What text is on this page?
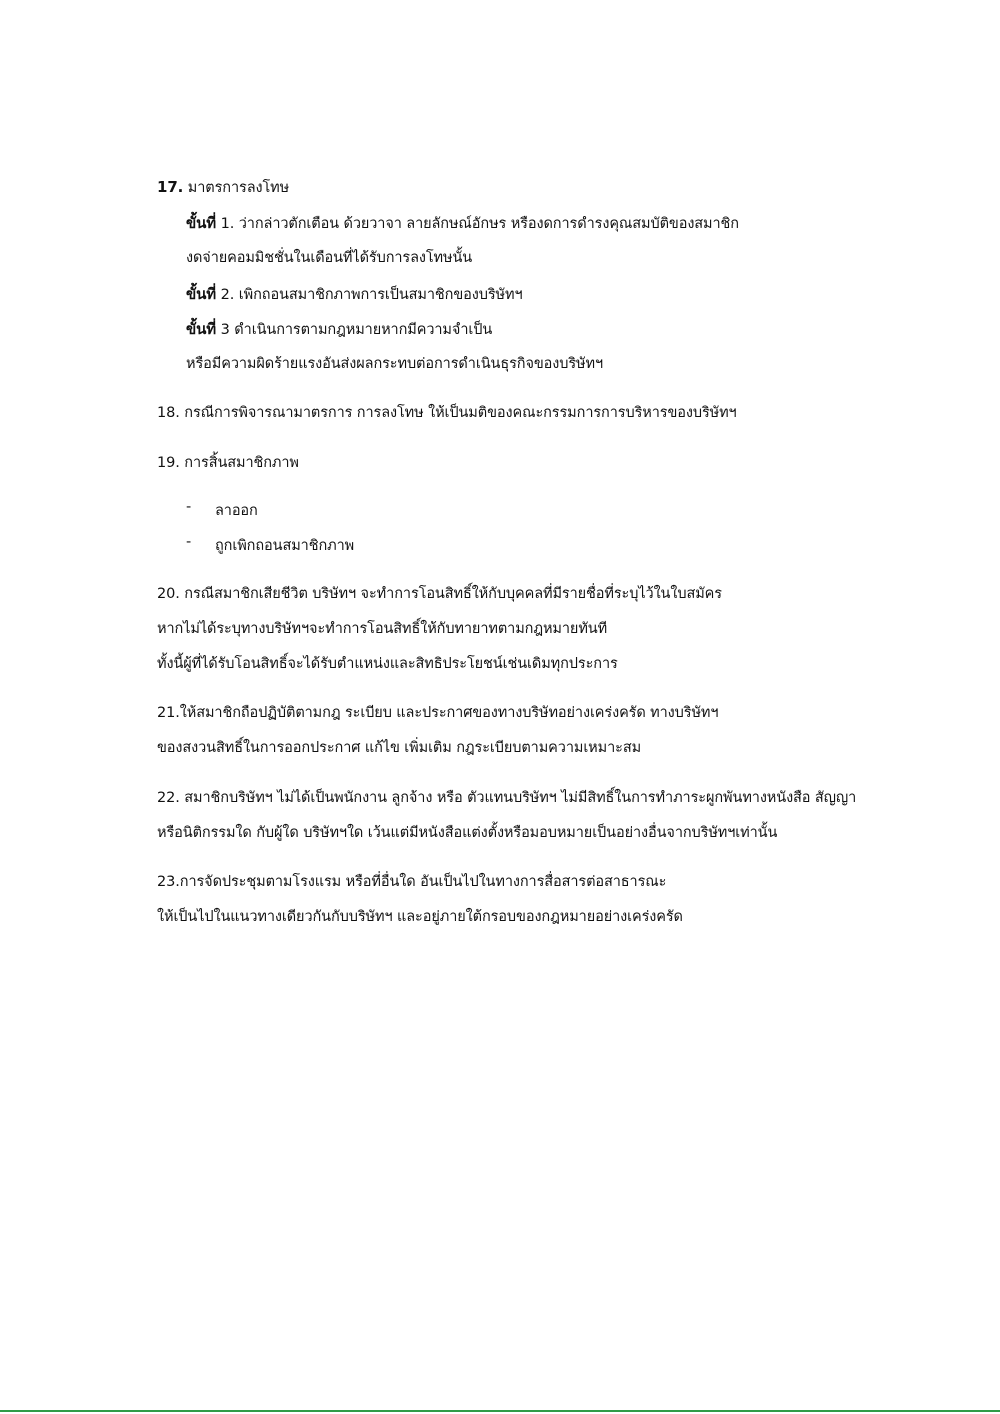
17. มาตรการลงโทษ
ขั้นที่ 1. ว่ากล่าวตักเตือน ด้วยวาจา ลายลักษณ์อักษร หรืองดการดำรงคุณสมบัติของสมาชิก
งดจ่ายคอมมิชชั่นในเดือนที่ได้รับการลงโทษนั้น
ขั้นที่ 2. เพิกถอนสมาชิกภาพการเป็นสมาชิกของบริษัทฯ
ขั้นที่ 3 ดำเนินการตามกฎหมายหากมีความจำเป็น
หรือมีความผิดร้ายแรงอันส่งผลกระทบต่อการดำเนินธุรกิจของบริษัทฯ
18. กรณีการพิจารณามาตรการ การลงโทษ ให้เป็นมติของคณะกรรมการการบริหารของบริษัทฯ
19. การสิ้นสมาชิกภาพ
- ลาออก
- ถูกเพิกถอนสมาชิกภาพ
20. กรณีสมาชิกเสียชีวิต บริษัทฯ จะทำการโอนสิทธิ์ให้กับบุคคลที่มีรายชื่อที่ระบุไว้ในใบสมัคร
หากไม่ได้ระบุทางบริษัทฯจะทำการโอนสิทธิ์ให้กับทายาทตามกฎหมายทันที
ทั้งนี้ผู้ที่ได้รับโอนสิทธิ์จะได้รับตำแหน่งและสิทธิประโยชน์เช่นเดิมทุกประการ
21.ให้สมาชิกถือปฏิบัติตามกฎ ระเบียบ และประกาศของทางบริษัทอย่างเคร่งครัด ทางบริษัทฯ
ของสงวนสิทธิ์ในการออกประกาศ แก้ไข เพิ่มเติม กฎระเบียบตามความเหมาะสม
22. สมาชิกบริษัทฯ ไม่ได้เป็นพนักงาน ลูกจ้าง หรือ ตัวแทนบริษัทฯ ไม่มีสิทธิ์ในการทำภาระผูกพันทางหนังสือ สัญญา
หรือนิติกรรมใด กับผู้ใด บริษัทฯใด เว้นแต่มีหนังสือแต่งตั้งหรือมอบหมายเป็นอย่างอื่นจากบริษัทฯเท่านั้น
23.การจัดประชุมตามโรงแรม หรือที่อื่นใด อันเป็นไปในทางการสื่อสารต่อสาธารณะ
ให้เป็นไปในแนวทางเดียวกันกับบริษัทฯ และอยู่ภายใต้กรอบของกฎหมายอย่างเคร่งครัด
